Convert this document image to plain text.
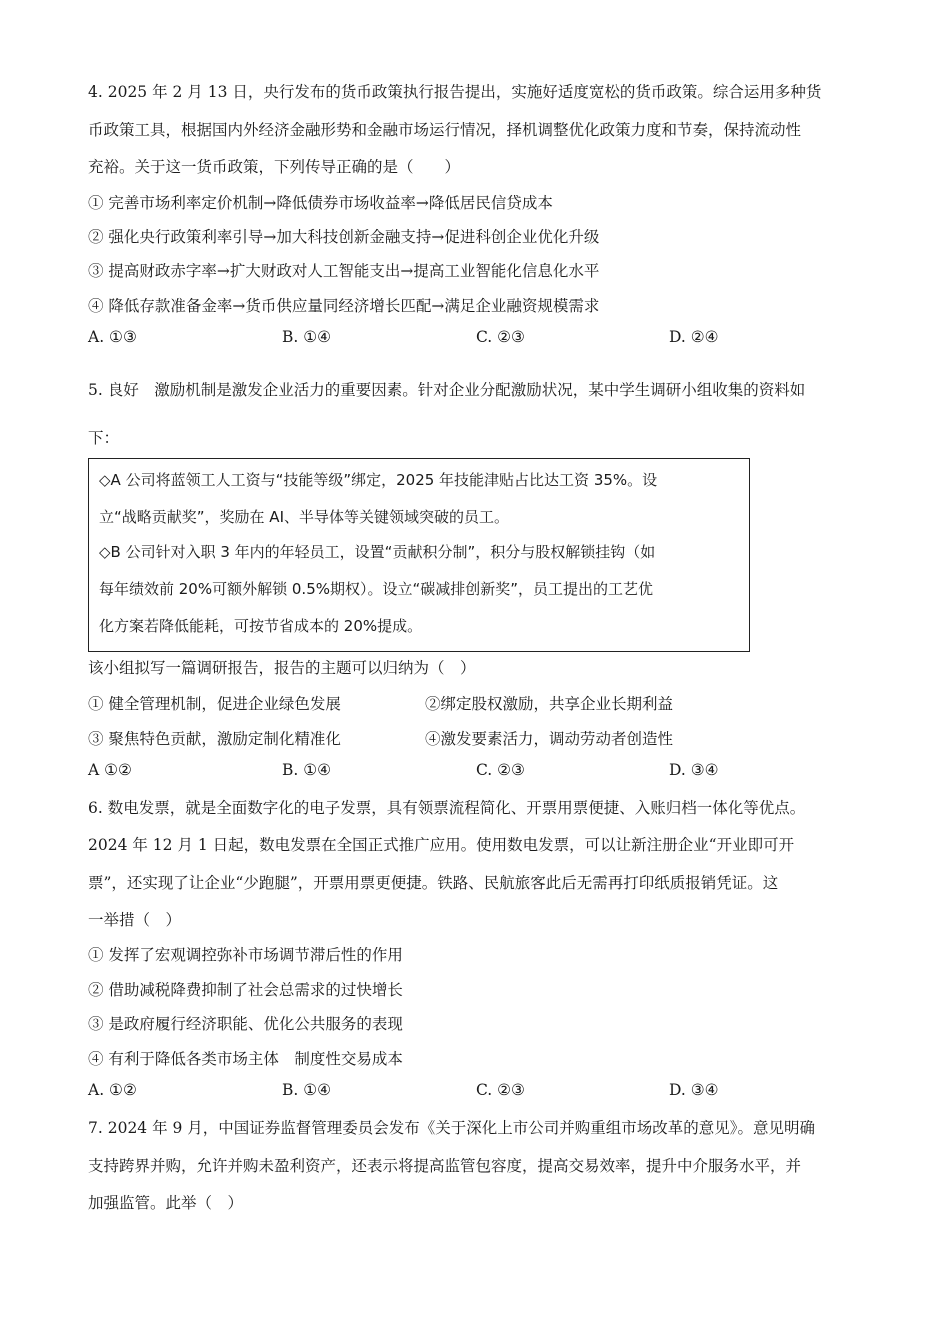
4. 2025 年 2 月 13 日，央行发布的货币政策执行报告提出，实施好适度宽松的货币政策。综合运用多种货
币政策工具，根据国内外经济金融形势和金融市场运行情况，择机调整优化政策力度和节奏，保持流动性
充裕。关于这一货币政策，下列传导正确的是（　　）
① 完善市场利率定价机制→降低债券市场收益率→降低居民信贷成本
② 强化央行政策利率引导→加大科技创新金融支持→促进科创企业优化升级
③ 提高财政赤字率→扩大财政对人工智能支出→提高工业智能化信息化水平
④ 降低存款准备金率→货币供应量同经济增长匹配→满足企业融资规模需求
A. ①③	B. ①④	C. ②③	D. ②④
5. 良好　激励机制是激发企业活力的重要因素。针对企业分配激励状况，某中学生调研小组收集的资料如
下：
◇A 公司将蓝领工人工资与“技能等级”绑定，2025 年技能津贴占比达工资 35%。设
立“战略贡献奖”，奖励在 AI、半导体等关键领域突破的员工。
◇B 公司针对入职 3 年内的年轻员工，设置“贡献积分制”，积分与股权解锁挂钩（如
每年绩效前 20%可额外解锁 0.5%期权）。设立“碳减排创新奖”，员工提出的工艺优
化方案若降低能耗，可按节省成本的 20%提成。
该小组拟写一篇调研报告，报告的主题可以归纳为（　）
① 健全管理机制，促进企业绿色发展	②绑定股权激励，共享企业长期利益
③ 聚焦特色贡献，激励定制化精准化	④激发要素活力，调动劳动者创造性
A ①②	B. ①④	C. ②③	D. ③④
6. 数电发票，就是全面数字化的电子发票，具有领票流程简化、开票用票便捷、入账归档一体化等优点。
2024 年 12 月 1 日起，数电发票在全国正式推广应用。使用数电发票，可以让新注册企业“开业即可开
票”，还实现了让企业“少跑腿”，开票用票更便捷。铁路、民航旅客此后无需再打印纸质报销凭证。这
一举措（　）
① 发挥了宏观调控弥补市场调节滞后性的作用
② 借助减税降费抑制了社会总需求的过快增长
③ 是政府履行经济职能、优化公共服务的表现
④ 有利于降低各类市场主体　制度性交易成本
A. ①②	B. ①④	C. ②③	D. ③④
7. 2024 年 9 月，中国证券监督管理委员会发布《关于深化上市公司并购重组市场改革的意见》。意见明确
支持跨界并购，允许并购未盈利资产，还表示将提高监管包容度，提高交易效率，提升中介服务水平，并
加强监管。此举（　）
